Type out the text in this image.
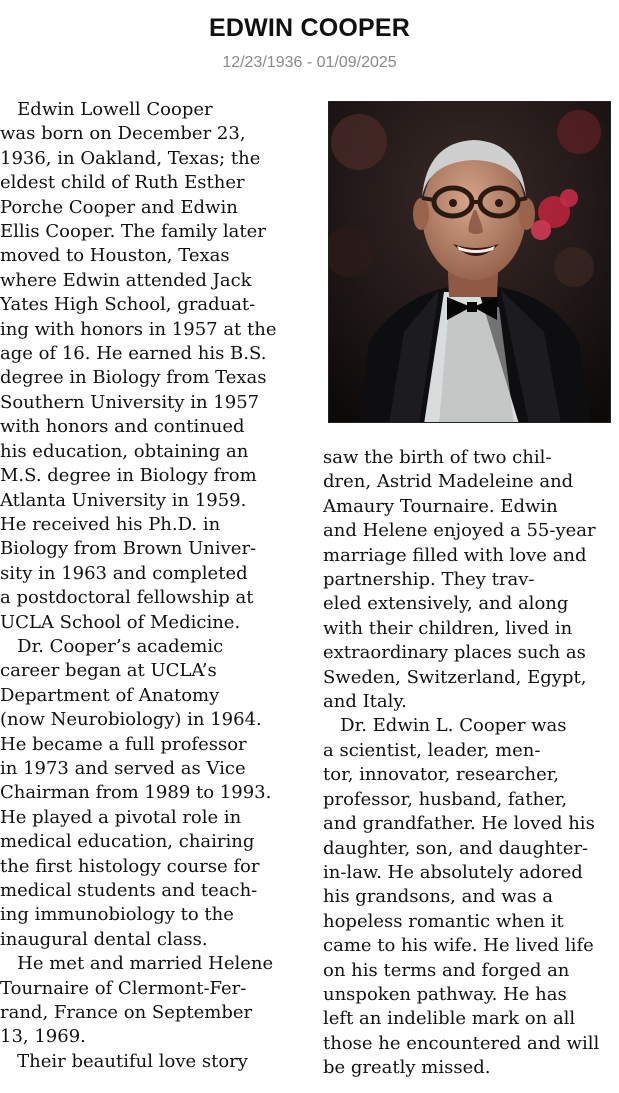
EDWIN COOPER
12/23/1936 - 01/09/2025
Edwin Lowell Cooper
was born on December 23,
1936, in Oakland, Texas; the
eldest child of Ruth Esther
Porche Cooper and Edwin
Ellis Cooper. The family later
moved to Houston, Texas
where Edwin attended Jack
Yates High School, graduat-
ing with honors in 1957 at the
age of 16. He earned his B.S.
degree in Biology from Texas
Southern University in 1957
with honors and continued
his education, obtaining an
M.S. degree in Biology from
Atlanta University in 1959.
He received his Ph.D. in
Biology from Brown Univer-
sity in 1963 and completed
a postdoctoral fellowship at
UCLA School of Medicine.
Dr. Cooper’s academic
career began at UCLA’s
Department of Anatomy
(now Neurobiology) in 1964.
He became a full professor
in 1973 and served as Vice
Chairman from 1989 to 1993.
He played a pivotal role in
medical education, chairing
the first histology course for
medical students and teach-
ing immunobiology to the
inaugural dental class.
He met and married Helene
Tournaire of Clermont-Fer-
rand, France on September
13, 1969.
Their beautiful love story
saw the birth of two chil-
dren, Astrid Madeleine and
Amaury Tournaire. Edwin
and Helene enjoyed a 55-year
marriage filled with love and
partnership. They trav-
eled extensively, and along
with their children, lived in
extraordinary places such as
Sweden, Switzerland, Egypt,
and Italy.
Dr. Edwin L. Cooper was
a scientist, leader, men-
tor, innovator, researcher,
professor, husband, father,
and grandfather. He loved his
daughter, son, and daughter-
in-law. He absolutely adored
his grandsons, and was a
hopeless romantic when it
came to his wife. He lived life
on his terms and forged an
unspoken pathway. He has
left an indelible mark on all
those he encountered and will
be greatly missed.
